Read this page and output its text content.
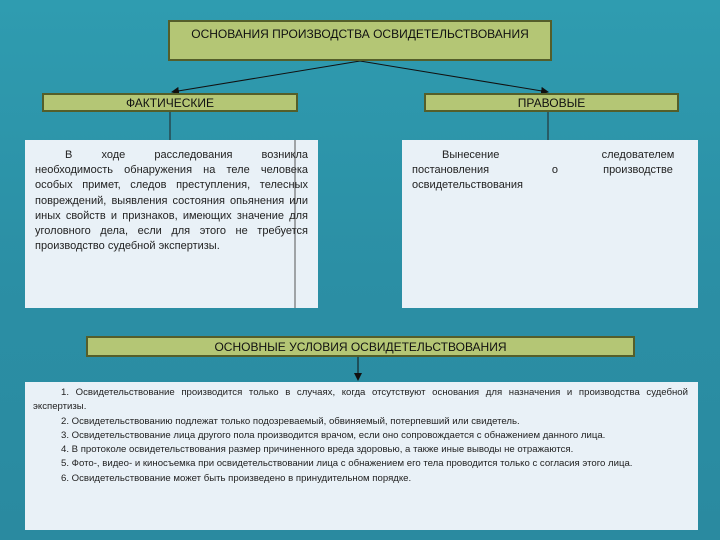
ОСНОВАНИЯ ПРОИЗВОДСТВА ОСВИДЕТЕЛЬСТВОВАНИЯ
ФАКТИЧЕСКИЕ	ПРАВОВЫЕ

В ходе расследования возникла необходимость обнаружения на теле человека особых примет, следов преступления, телесных повреждений, выявления состояния опьянения или иных свойств и признаков, имеющих значение для уголовного дела, если для этого не требуется производство судебной экспертизы.

Вынесение постановления о освидетельствования

следователем производстве
ОСНОВНЫЕ УСЛОВИЯ ОСВИДЕТЕЛЬСТВОВАНИЯ

1. Освидетельствование производится только в случаях, когда отсутствуют основания для назначения и производства судебной экспертизы.

2. Освидетельствованию подлежат только подозреваемый, обвиняемый, потерпевший или свидетель.

3. Освидетельствование лица другого пола производится врачом, если оно сопровождается с обнажением данного лица.

4. В протоколе освидетельствования размер причиненного вреда здоровью, а также иные выводы не отражаются.

5. Фото-, видео- и киносъемка при освидетельствовании лица с обнажением его тела проводится только с согласия этого лица.

6. Освидетельствование может быть произведено в принудительном порядке.
